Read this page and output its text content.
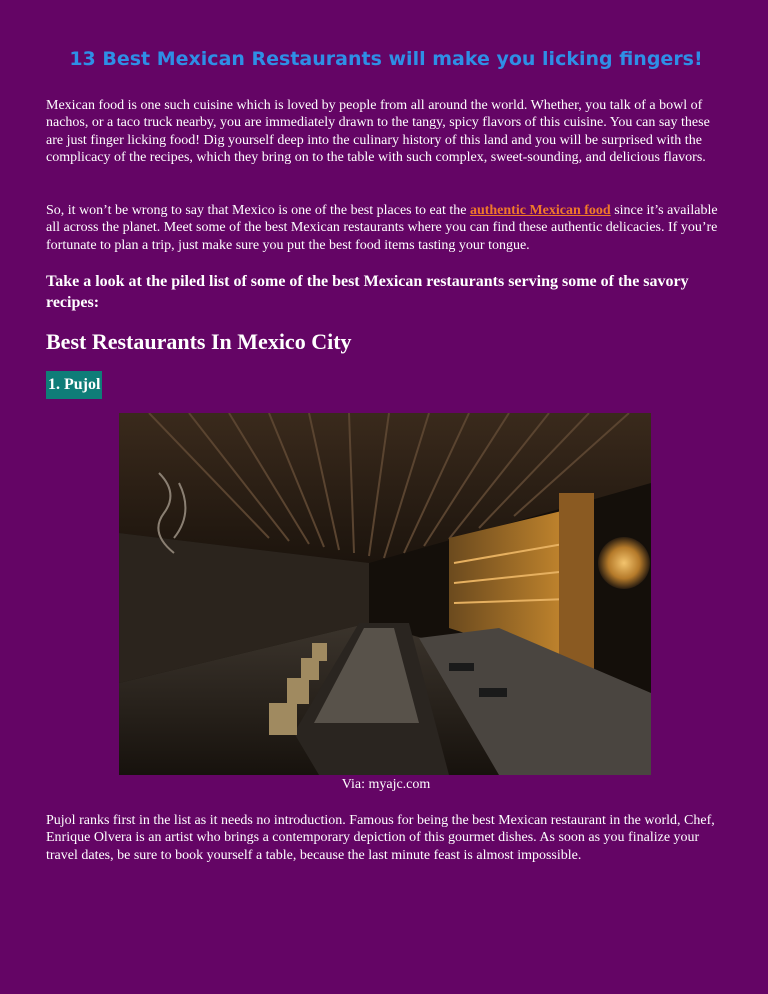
13 Best Mexican Restaurants will make you licking fingers!

Mexican food is one such cuisine which is loved by people from all around the world. Whether, you talk of a bowl of nachos, or a taco truck nearby, you are immediately drawn to the tangy, spicy flavors of this cuisine. You can say these are just finger licking food! Dig yourself deep into the culinary history of this land and you will be surprised with the complicacy of the recipes, which they bring on to the table with such complex, sweet-sounding, and delicious flavors.

So, it won’t be wrong to say that Mexico is one of the best places to eat the authentic Mexican food since it’s available all across the planet. Meet some of the best Mexican restaurants where you can find these authentic delicacies. If you’re fortunate to plan a trip, just make sure you put the best food items tasting your tongue.

Take a look at the piled list of some of the best Mexican restaurants serving some of the savory recipes:

Best Restaurants In Mexico City
1. Pujol

Via: myajc.com

Pujol ranks first in the list as it needs no introduction. Famous for being the best Mexican restaurant in the world, Chef, Enrique Olvera is an artist who brings a contemporary depiction of this gourmet dishes. As soon as you finalize your travel dates, be sure to book yourself a table, because the last minute feast is almost impossible.
